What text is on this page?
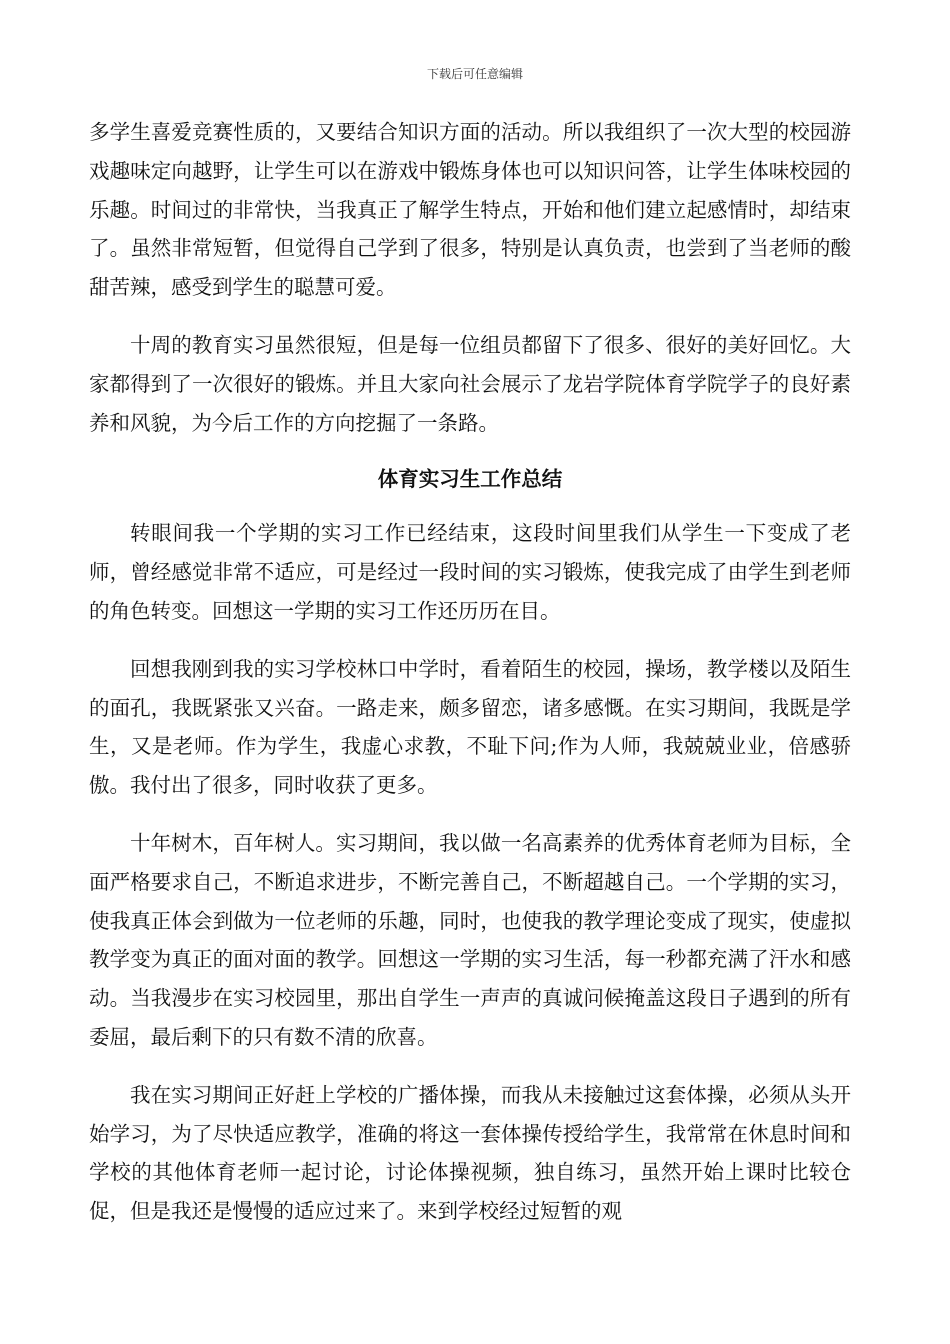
下载后可任意编辑

多学生喜爱竞赛性质的，又要结合知识方面的活动。所以我组织了一次大型的校园游戏趣味定向越野，让学生可以在游戏中锻炼身体也可以知识问答，让学生体味校园的乐趣。时间过的非常快，当我真正了解学生特点，开始和他们建立起感情时，却结束了。虽然非常短暂，但觉得自己学到了很多，特别是认真负责，也尝到了当老师的酸甜苦辣，感受到学生的聪慧可爱。

十周的教育实习虽然很短，但是每一位组员都留下了很多、很好的美好回忆。大家都得到了一次很好的锻炼。并且大家向社会展示了龙岩学院体育学院学子的良好素养和风貌，为今后工作的方向挖掘了一条路。

体育实习生工作总结

转眼间我一个学期的实习工作已经结束，这段时间里我们从学生一下变成了老师，曾经感觉非常不适应，可是经过一段时间的实习锻炼，使我完成了由学生到老师的角色转变。回想这一学期的实习工作还历历在目。

回想我刚到我的实习学校林口中学时，看着陌生的校园，操场，教学楼以及陌生的面孔，我既紧张又兴奋。一路走来，颇多留恋，诸多感慨。在实习期间，我既是学生，又是老师。作为学生，我虚心求教，不耻下问;作为人师，我兢兢业业，倍感骄傲。我付出了很多，同时收获了更多。

十年树木，百年树人。实习期间，我以做一名高素养的优秀体育老师为目标，全面严格要求自己，不断追求进步，不断完善自己，不断超越自己。一个学期的实习，使我真正体会到做为一位老师的乐趣，同时，也使我的教学理论变成了现实，使虚拟教学变为真正的面对面的教学。回想这一学期的实习生活，每一秒都充满了汗水和感动。当我漫步在实习校园里，那出自学生一声声的真诚问候掩盖这段日子遇到的所有委屈，最后剩下的只有数不清的欣喜。

我在实习期间正好赶上学校的广播体操，而我从未接触过这套体操，必须从头开始学习，为了尽快适应教学，准确的将这一套体操传授给学生，我常常在休息时间和学校的其他体育老师一起讨论，讨论体操视频，独自练习，虽然开始上课时比较仓促，但是我还是慢慢的适应过来了。来到学校经过短暂的观
